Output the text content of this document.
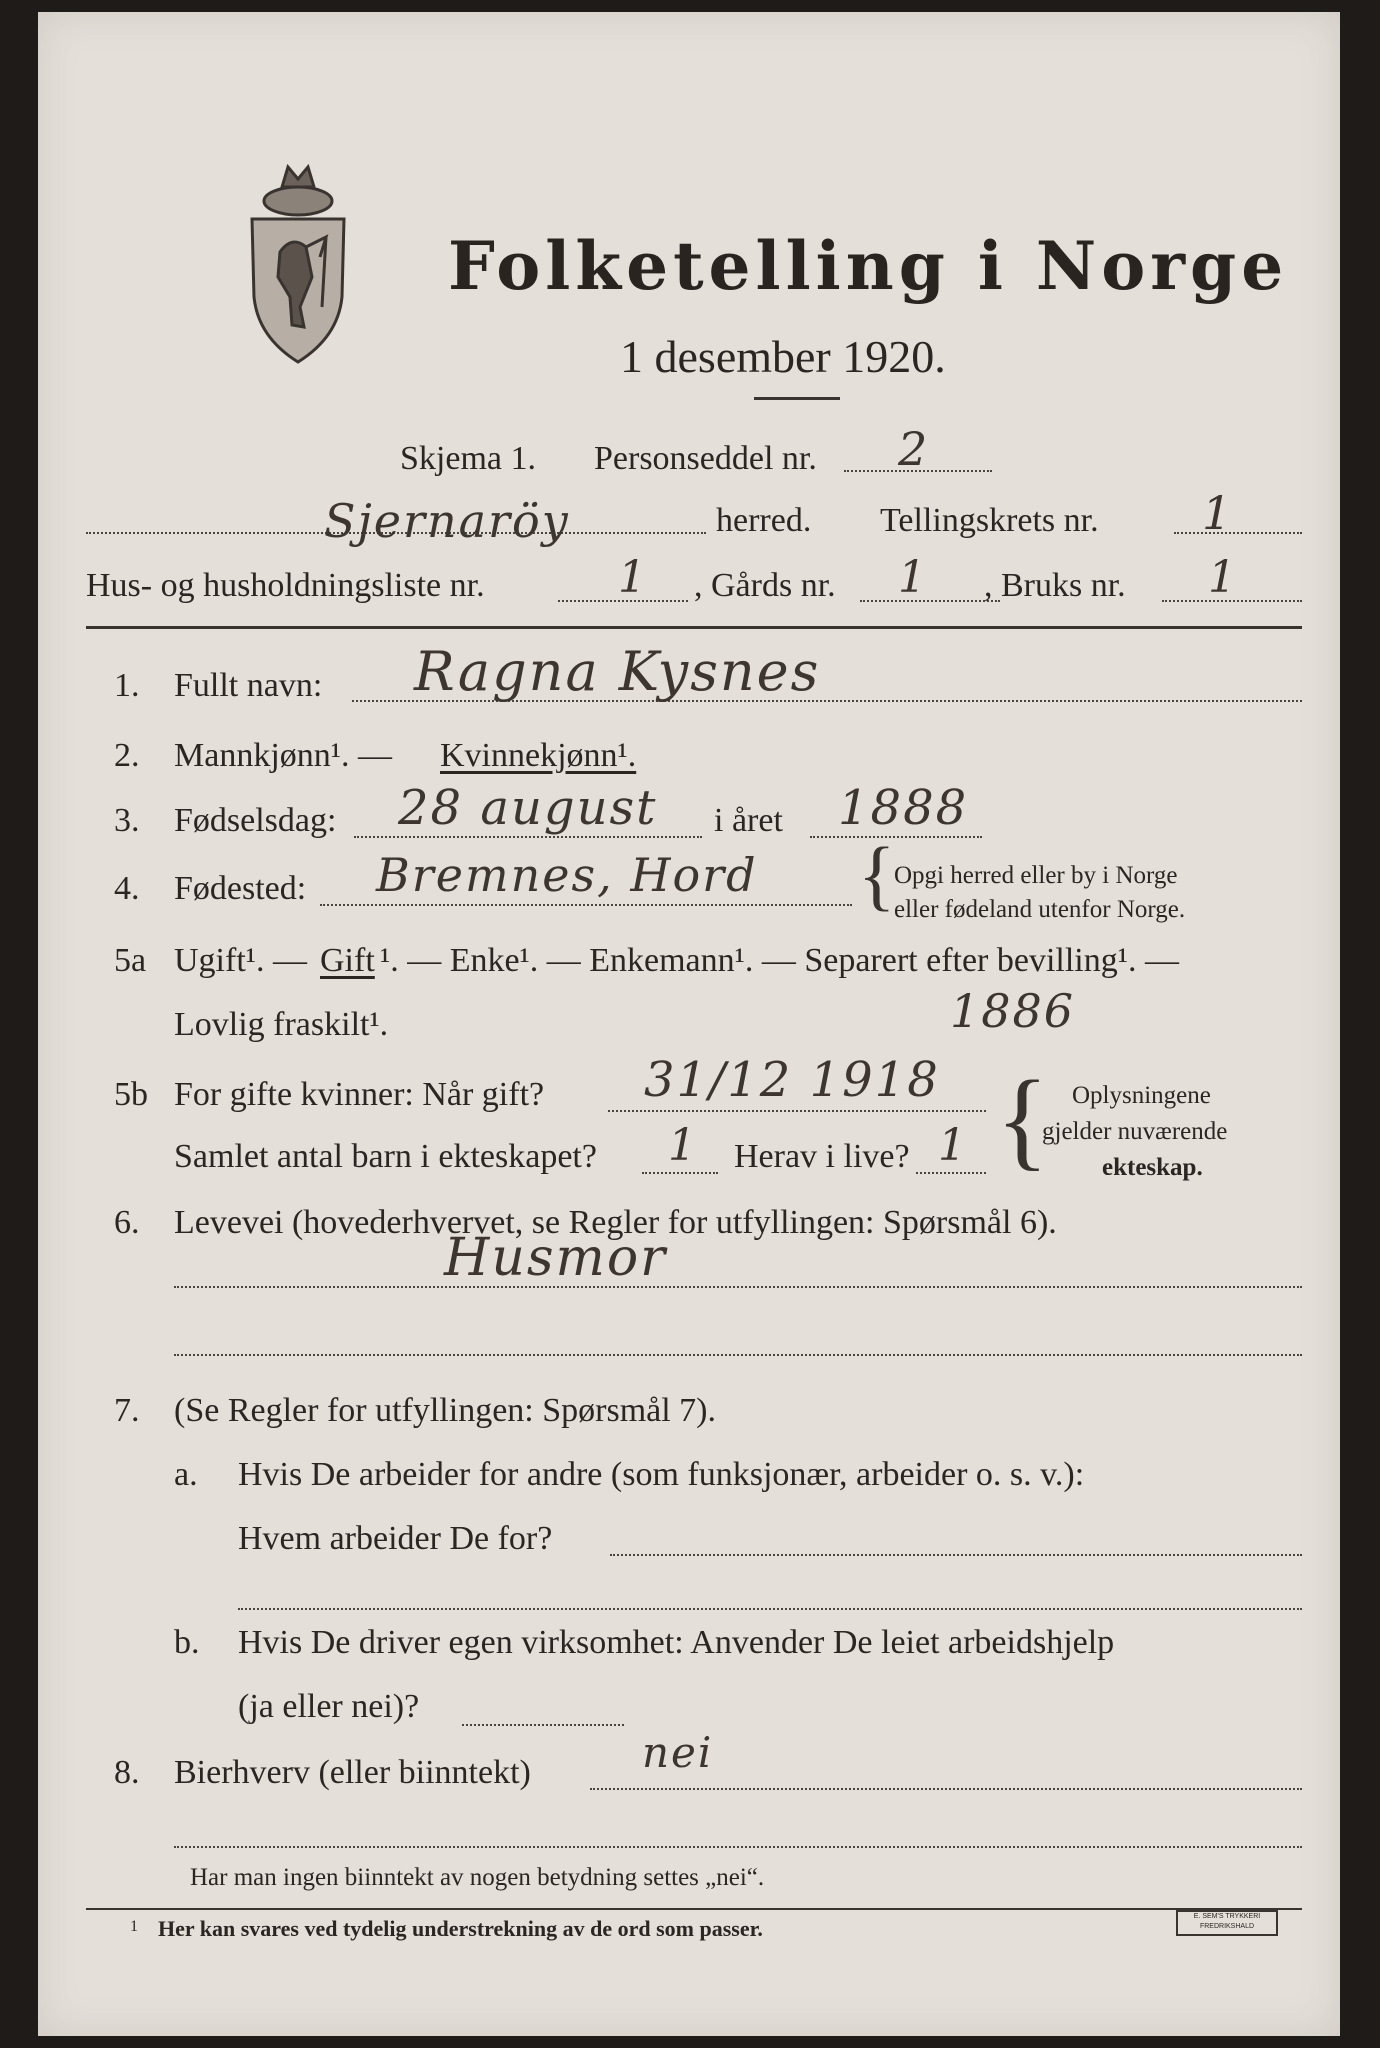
Folketelling i Norge
1 desember 1920.
Skjema 1. Personseddel nr. 2
Sjernaröy	herred. Tellingskrets nr. 1
Hus- og husholdningsliste nr.	1 , Gårds nr. 1 , Bruks nr. 1
1. Fullt navn: Ragna Kysnes
2. Mannkjønn¹. — Kvinnekjønn¹.
3. Fødselsdag: 28 august i året 1888
4. Fødested: Bremnes, Hord {
Opgi herred eller by i Norge
eller fødeland utenfor Norge.
5a Ugift¹. — Gift ¹. — Enke¹. — Enkemann¹. — Separert efter bevilling¹. —
Lovlig fraskilt¹.	1886
5b For gifte kvinner: Når gift? 31/12 1918
Samlet antal barn i ekteskapet? 1 Herav i live? 1 { Oplysningene
gjelder nuværende
ekteskap.
6. Levevei (hovederhvervet, se Regler for utfyllingen: Spørsmål 6).
Husmor
7. (Se Regler for utfyllingen: Spørsmål 7).
a. Hvis De arbeider for andre (som funksjonær, arbeider o. s. v.):
Hvem arbeider De for?
b. Hvis De driver egen virksomhet: Anvender De leiet arbeidshjelp
(ja eller nei)?
8. Bierhverv (eller biinntekt)	nei
Har man ingen biinntekt av nogen betydning settes „nei“.
1 Her kan svares ved tydelig understrekning av de ord som passer.	E. SEM'S TRYKKERI FREDRIKSHALD
